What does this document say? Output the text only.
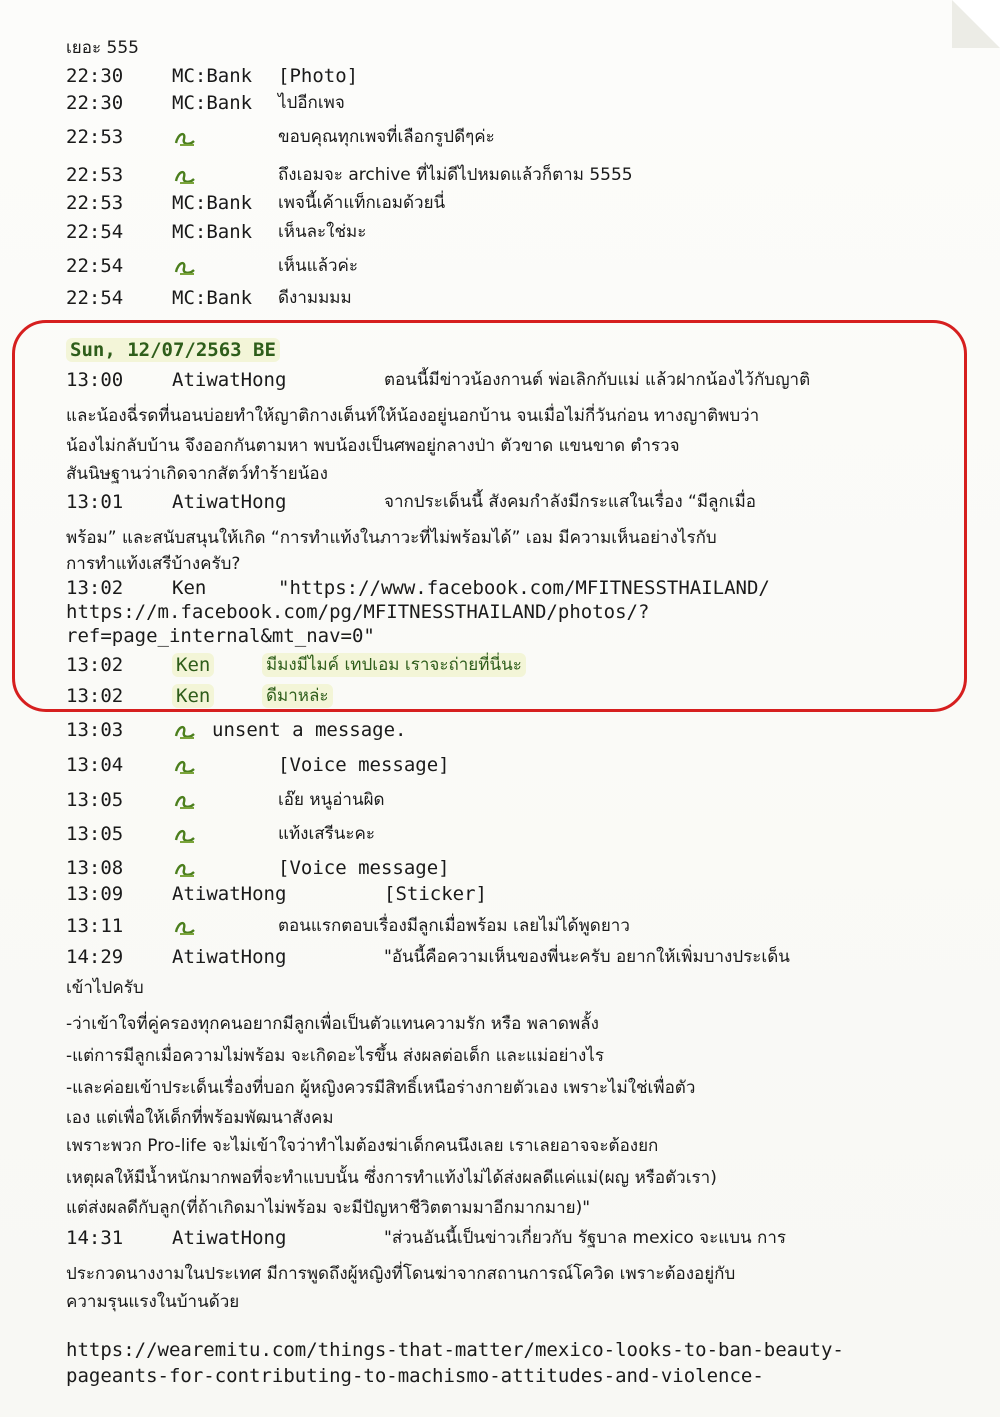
เยอะ 555
22:30	MC:Bank [Photo]
22:30	MC:Bank ไปอีกเพจ
22:53	ขอบคุณทุกเพจที่เลือกรูปดีๆค่ะ
22:53	ถึงเอมจะ archive ที่ไม่ดีไปหมดแล้วก็ตาม 5555
22:53	MC:Bank เพจนี้เค้าแท็กเอมด้วยนี่
22:54	MC:Bank เห็นละใช่มะ
22:54	เห็นแล้วค่ะ
22:54	MC:Bank ดีงามมมม
Sun, 12/07/2563 BE
13:00	AtiwatHong	ตอนนี้มีข่าวน้องกานต์ พ่อเลิกกับแม่ แล้วฝากน้องไว้กับญาติ
และน้องฉี่รดที่นอนบ่อยทำให้ญาติกางเต็นท์ให้น้องอยู่นอกบ้าน จนเมื่อไม่กี่วันก่อน ทางญาติพบว่า
น้องไม่กลับบ้าน จึงออกกันตามหา พบน้องเป็นศพอยู่กลางป่า ตัวขาด แขนขาด ตำรวจ
สันนิษฐานว่าเกิดจากสัตว์ทำร้ายน้อง
13:01	AtiwatHong	จากประเด็นนี้ สังคมกำลังมีกระแสในเรื่อง “มีลูกเมื่อ
พร้อม” และสนับสนุนให้เกิด “การทำแท้งในภาวะที่ไม่พร้อมได้” เอม มีความเห็นอย่างไรกับ
การทำแท้งเสรีบ้างครับ?
13:02	Ken	"https://www.facebook.com/MFITNESSTHAILAND/
https://m.facebook.com/pg/MFITNESSTHAILAND/photos/?
ref=page_internal&mt_nav=0"
13:02	Ken	มีมงมีไมค์ เทปเอม เราจะถ่ายที่นี่นะ
13:02	Ken	ดีมาหล่ะ
13:03	unsent a message.
13:04	[Voice message]
13:05	เอ๊ย หนูอ่านผิด
13:05	แท้งเสรีนะคะ
13:08	[Voice message]
13:09	AtiwatHong	[Sticker]
13:11	ตอนแรกตอบเรื่องมีลูกเมื่อพร้อม เลยไม่ได้พูดยาว
14:29	AtiwatHong	"อันนี้คือความเห็นของพี่นะครับ อยากให้เพิ่มบางประเด็น
เข้าไปครับ
-ว่าเข้าใจที่คู่ครองทุกคนอยากมีลูกเพื่อเป็นตัวแทนความรัก หรือ พลาดพลั้ง
-แต่การมีลูกเมื่อความไม่พร้อม จะเกิดอะไรขึ้น ส่งผลต่อเด็ก และแม่อย่างไร
-และค่อยเข้าประเด็นเรื่องที่บอก ผู้หญิงควรมีสิทธิ์เหนือร่างกายตัวเอง เพราะไม่ใช่เพื่อตัว
เอง แต่เพื่อให้เด็กที่พร้อมพัฒนาสังคม
เพราะพวก Pro-life จะไม่เข้าใจว่าทำไมต้องฆ่าเด็กคนนึงเลย เราเลยอาจจะต้องยก
เหตุผลให้มีน้ำหนักมากพอที่จะทำแบบนั้น ซึ่งการทำแท้งไม่ได้ส่งผลดีแค่แม่(ผญ หรือตัวเรา)
แต่ส่งผลดีกับลูก(ที่ถ้าเกิดมาไม่พร้อม จะมีปัญหาชีวิตตามมาอีกมากมาย)"
14:31	AtiwatHong	"ส่วนอันนี้เป็นข่าวเกี่ยวกับ รัฐบาล mexico จะแบน การ
ประกวดนางงามในประเทศ มีการพูดถึงผู้หญิงที่โดนฆ่าจากสถานการณ์โควิด เพราะต้องอยู่กับ
ความรุนแรงในบ้านด้วย
https://wearemitu.com/things-that-matter/mexico-looks-to-ban-beauty-
pageants-for-contributing-to-machismo-attitudes-and-violence-
